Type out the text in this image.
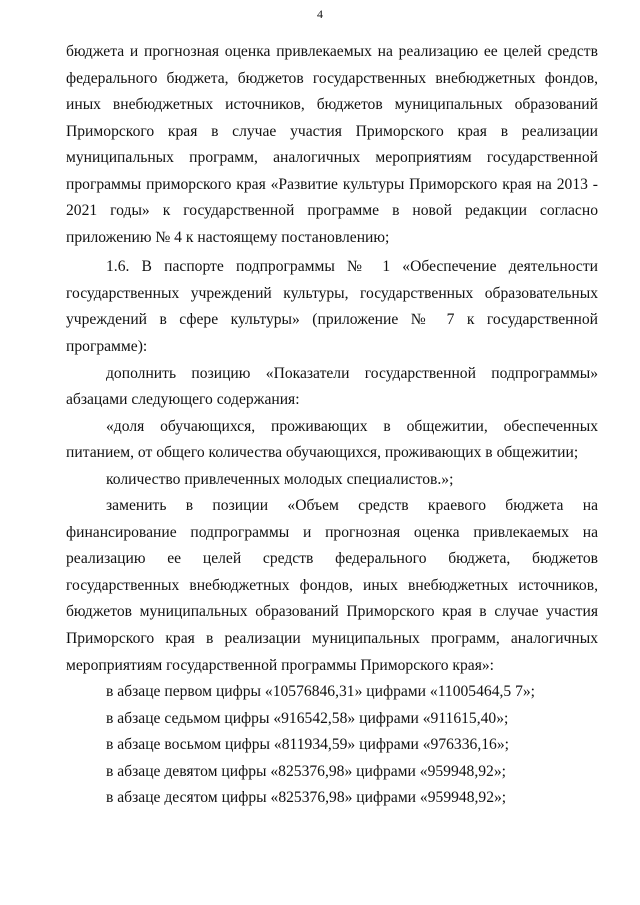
4

бюджета и прогнозная оценка привлекаемых на реализацию ее целей средств федерального бюджета, бюджетов государственных внебюджетных фондов, иных внебюджетных источников, бюджетов муниципальных образований Приморского края в случае участия Приморского края в реализации муниципальных программ, аналогичных мероприятиям государственной программы приморского края «Развитие культуры Приморского края на 2013 - 2021 годы» к государственной программе в новой редакции согласно приложению № 4 к настоящему постановлению;

1.6. В паспорте подпрограммы № 1 «Обеспечение деятельности государственных учреждений культуры, государственных образовательных учреждений в сфере культуры» (приложение № 7 к государственной программе):

дополнить позицию «Показатели государственной подпрограммы» абзацами следующего содержания:

«доля обучающихся, проживающих в общежитии, обеспеченных питанием, от общего количества обучающихся, проживающих в общежитии;

количество привлеченных молодых специалистов.»;

заменить в позиции «Объем средств краевого бюджета на финансирование подпрограммы и прогнозная оценка привлекаемых на реализацию ее целей средств федерального бюджета, бюджетов государственных внебюджетных фондов, иных внебюджетных источников, бюджетов муниципальных образований Приморского края в случае участия Приморского края в реализации муниципальных программ, аналогичных мероприятиям государственной программы Приморского края»:

в абзаце первом цифры «10576846,31» цифрами «11005464,5 7»;

в абзаце седьмом цифры «916542,58» цифрами «911615,40»;

в абзаце восьмом цифры «811934,59» цифрами «976336,16»;

в абзаце девятом цифры «825376,98» цифрами «959948,92»;

в абзаце десятом цифры «825376,98» цифрами «959948,92»;
